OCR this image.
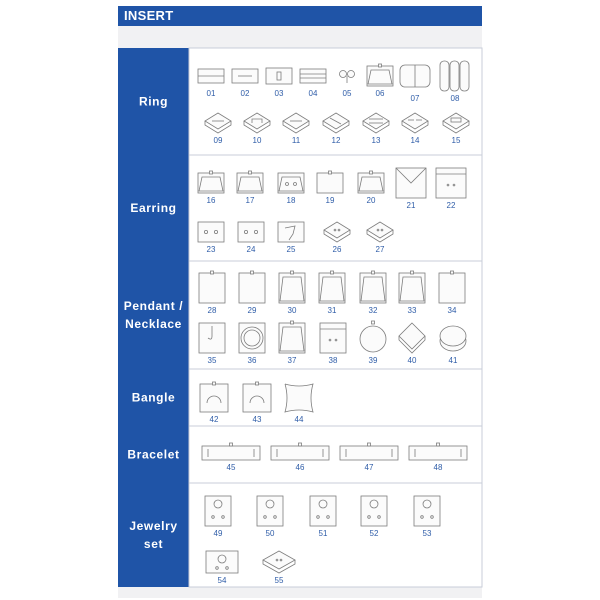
INSERT
Ring
01	02	03	04	05	06
07	08
09	10	11	12	13	14	15
Earring
16	17	18	19	20
21	22
23	24	25	26	27
Pendant /
Necklace
28	29	30	31	32	33	34
35	36	37	38	39	40	41
Bangle
42	43	44
Bracelet
45	46	47	48
Jewelry
set
49	50	51	52	53
54	55
